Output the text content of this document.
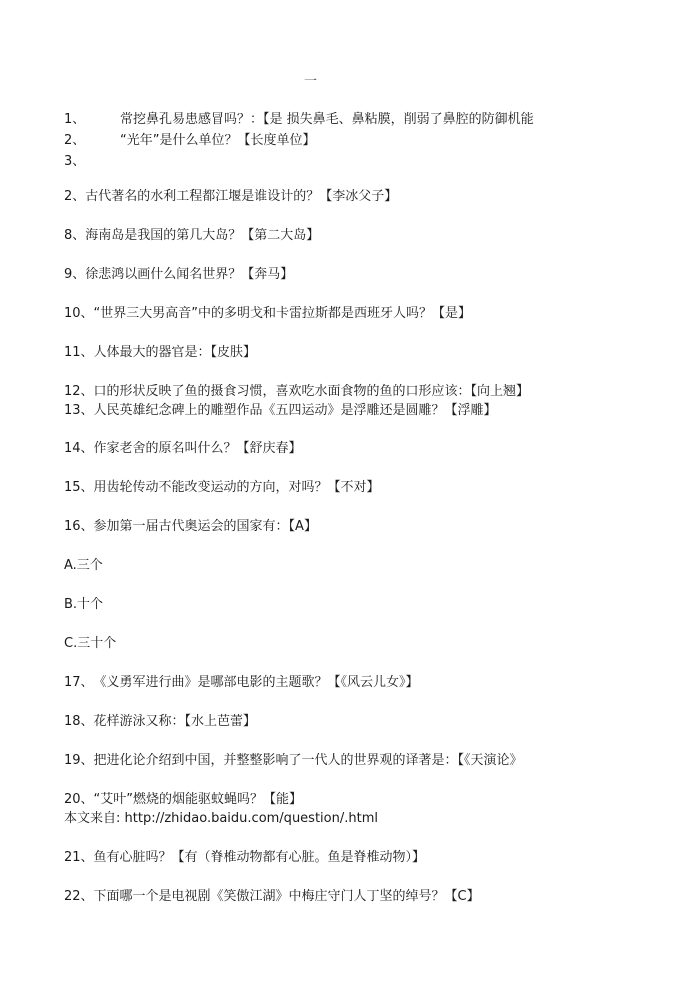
一
1、	常挖鼻孔易患感冒吗？：【是 损失鼻毛、鼻粘膜，削弱了鼻腔的防御机能
2、	“光年”是什么单位？【长度单位】
3、
2、古代著名的水利工程都江堰是谁设计的？【李冰父子】
8、海南岛是我国的第几大岛？【第二大岛】
9、徐悲鸿以画什么闻名世界？【奔马】
10、“世界三大男高音”中的多明戈和卡雷拉斯都是西班牙人吗？【是】
11、人体最大的器官是：【皮肤】
12、口的形状反映了鱼的摄食习惯，喜欢吃水面食物的鱼的口形应该：【向上翘】
13、人民英雄纪念碑上的雕塑作品《五四运动》是浮雕还是圆雕？【浮雕】
14、作家老舍的原名叫什么？【舒庆春】
15、用齿轮传动不能改变运动的方向，对吗？【不对】
16、参加第一届古代奥运会的国家有：【A】
A.三个
B.十个
C.三十个
17、《义勇军进行曲》是哪部电影的主题歌？【《风云儿女》】
18、花样游泳又称：【水上芭蕾】
19、把进化论介绍到中国，并整整影响了一代人的世界观的译著是：【《天演论》
20、“艾叶”燃烧的烟能驱蚊蝇吗？【能】
本文来自: http://zhidao.baidu.com/question/.html
21、鱼有心脏吗？【有（脊椎动物都有心脏。鱼是脊椎动物）】
22、下面哪一个是电视剧《笑傲江湖》中梅庄守门人丁坚的绰号？【C】
